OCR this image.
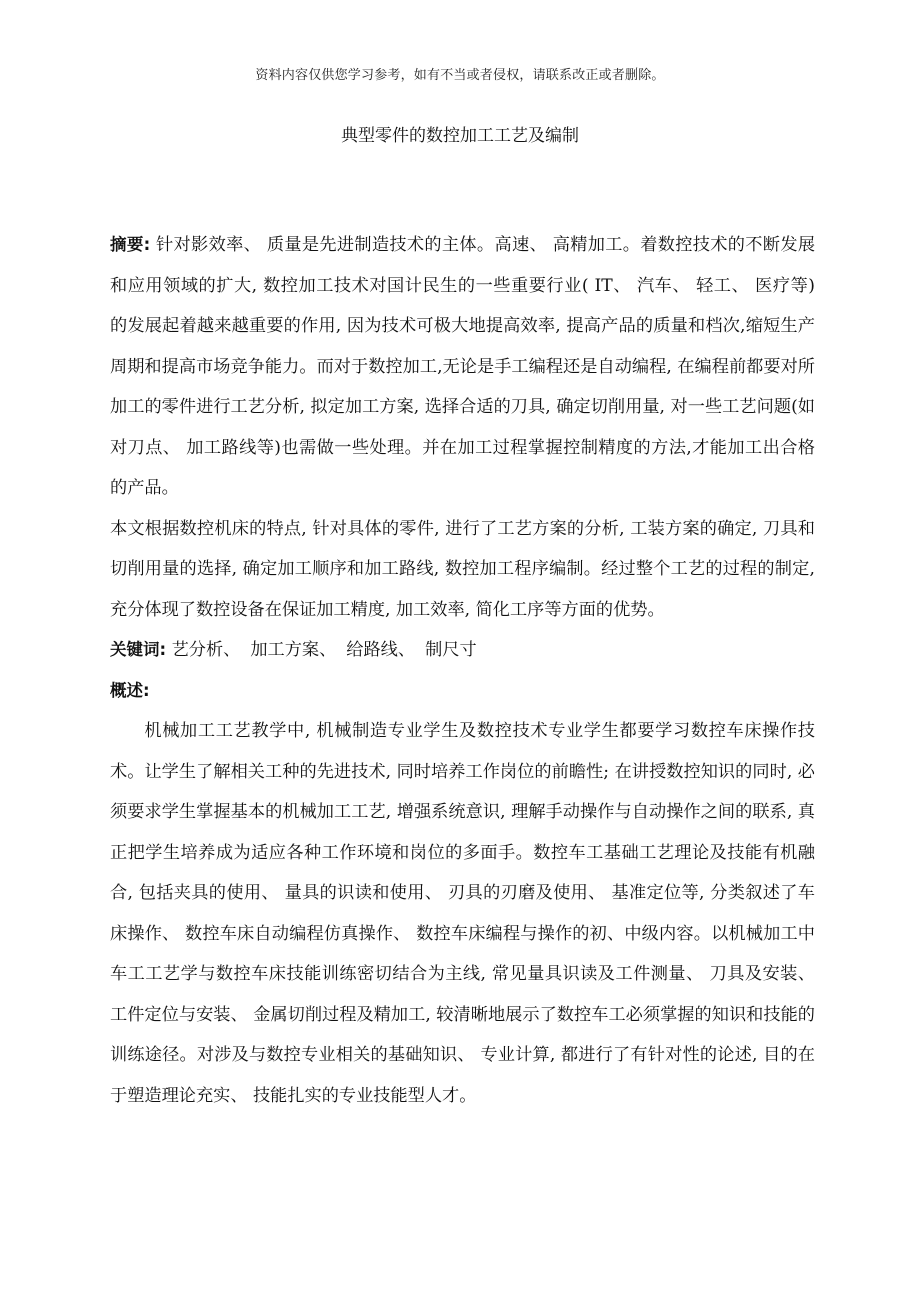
资料内容仅供您学习参考，如有不当或者侵权，请联系改正或者删除。
典型零件的数控加工工艺及编制

摘要: 针对影效率、 质量是先进制造技术的主体。高速、 高精加工。着数控技术的不断发展和应用领域的扩大, 数控加工技术对国计民生的一些重要行业( IT、 汽车、 轻工、 医疗等) 的发展起着越来越重要的作用, 因为技术可极大地提高效率, 提高产品的质量和档次,缩短生产周期和提高市场竞争能力。而对于数控加工,无论是手工编程还是自动编程, 在编程前都要对所加工的零件进行工艺分析, 拟定加工方案, 选择合适的刀具, 确定切削用量, 对一些工艺问题(如对刀点、 加工路线等)也需做一些处理。并在加工过程掌握控制精度的方法,才能加工出合格的产品。

本文根据数控机床的特点, 针对具体的零件, 进行了工艺方案的分析, 工装方案的确定, 刀具和切削用量的选择, 确定加工顺序和加工路线, 数控加工程序编制。经过整个工艺的过程的制定, 充分体现了数控设备在保证加工精度, 加工效率, 简化工序等方面的优势。

关键词: 艺分析、 加工方案、 给路线、 制尺寸

概述:

机械加工工艺教学中, 机械制造专业学生及数控技术专业学生都要学习数控车床操作技术。让学生了解相关工种的先进技术, 同时培养工作岗位的前瞻性; 在讲授数控知识的同时, 必须要求学生掌握基本的机械加工工艺, 增强系统意识, 理解手动操作与自动操作之间的联系, 真正把学生培养成为适应各种工作环境和岗位的多面手。数控车工基础工艺理论及技能有机融合, 包括夹具的使用、 量具的识读和使用、 刃具的刃磨及使用、 基准定位等, 分类叙述了车床操作、 数控车床自动编程仿真操作、 数控车床编程与操作的初、中级内容。以机械加工中车工工艺学与数控车床技能训练密切结合为主线, 常见量具识读及工件测量、 刀具及安装、 工件定位与安装、 金属切削过程及精加工, 较清晰地展示了数控车工必须掌握的知识和技能的训练途径。对涉及与数控专业相关的基础知识、 专业计算, 都进行了有针对性的论述, 目的在于塑造理论充实、 技能扎实的专业技能型人才。
